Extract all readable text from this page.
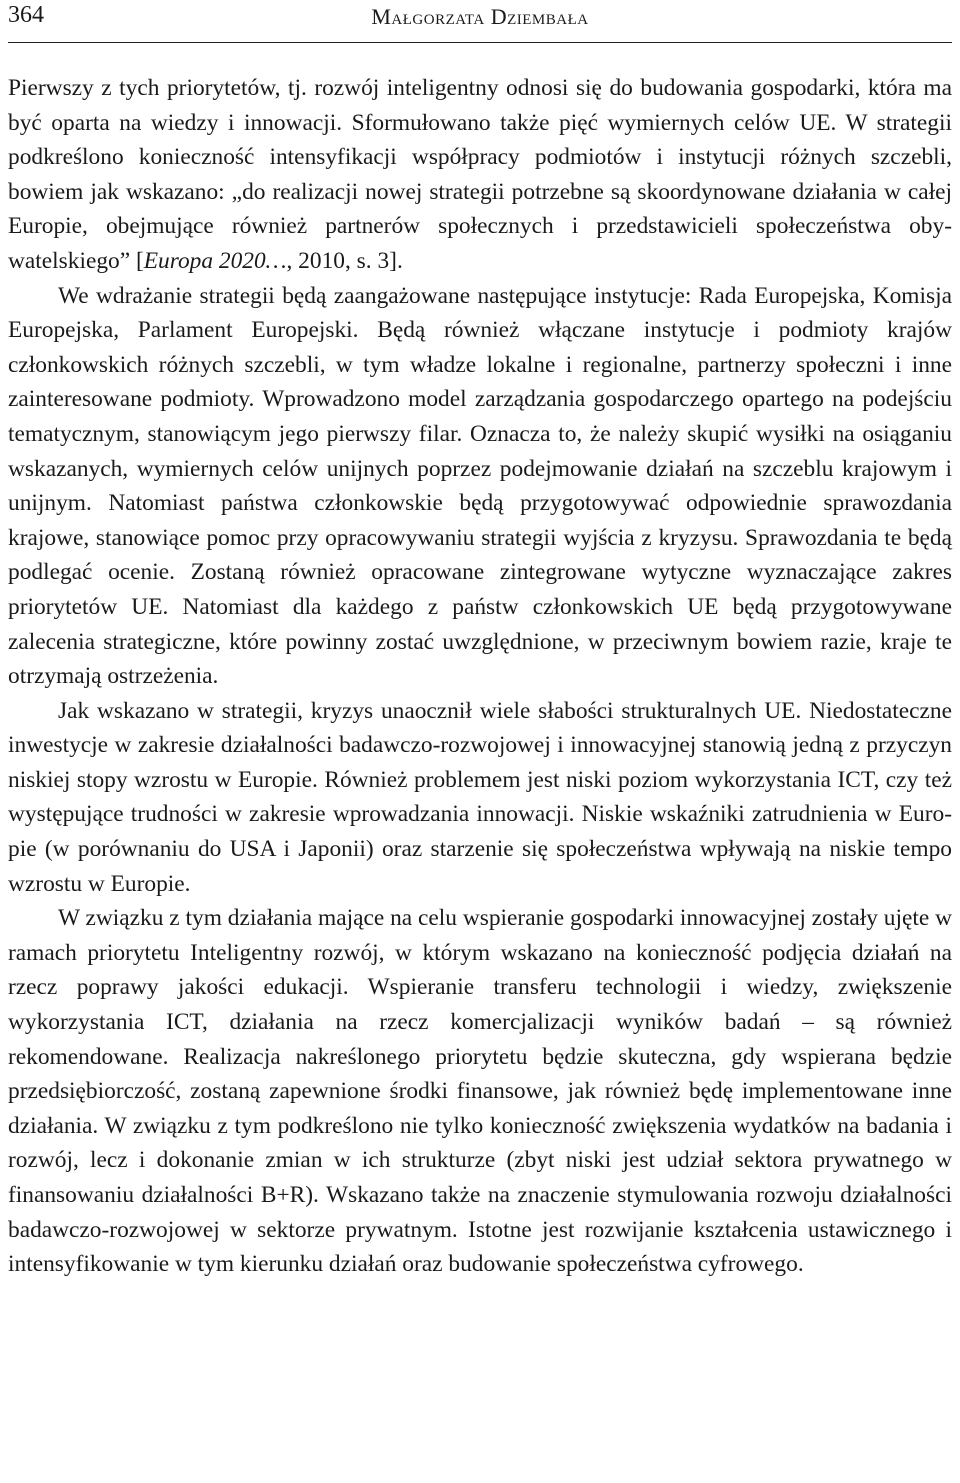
364	Małgorzata Dziembała

Pierwszy z tych priorytetów, tj. rozwój inteligentny odnosi się do budowania gospodarki, która ma być oparta na wiedzy i innowacji. Sformułowano także pięć wymiernych celów UE. W strategii podkreślono konieczność intensyfikacji współpracy podmiotów i instytucji różnych szczebli, bowiem jak wskazano: „do realizacji nowej strategii potrzebne są skoordynowane działania w całej Europie, obejmujące również partnerów społecznych i przedstawicieli społeczeństwa obywatelskiego” [Europa 2020…, 2010, s. 3].

We wdrażanie strategii będą zaangażowane następujące instytucje: Rada Europejska, Komisja Europejska, Parlament Europejski. Będą również włączane instytucje i podmioty krajów członkowskich różnych szczebli, w tym władze lokalne i regionalne, partnerzy społeczni i inne zainteresowane podmioty. Wprowadzono model zarządzania gospodarczego opartego na podejściu tematycznym, stanowiącym jego pierwszy filar. Oznacza to, że należy skupić wysiłki na osiąganiu wskazanych, wymiernych celów unijnych poprzez podejmowanie działań na szczeblu krajowym i unijnym. Natomiast państwa członkowskie będą przygotowywać odpowiednie sprawozdania krajowe, stanowiące pomoc przy opracowywaniu strategii wyjścia z kryzysu. Sprawozdania te będą podlegać ocenie. Zostaną również opracowane zintegrowane wytyczne wyznaczające zakres priorytetów UE. Natomiast dla każdego z państw członkowskich UE będą przygotowywane zalecenia strategiczne, które powinny zostać uwzględnione, w przeciwnym bowiem razie, kraje te otrzymają ostrzeżenia.

Jak wskazano w strategii, kryzys unaocznił wiele słabości strukturalnych UE. Niedostateczne inwestycje w zakresie działalności badawczo-rozwojowej i innowacyjnej stanowią jedną z przyczyn niskiej stopy wzrostu w Europie. Również problemem jest niski poziom wykorzystania ICT, czy też występujące trudności w zakresie wprowadzania innowacji. Niskie wskaźniki zatrudnienia w Europie (w porównaniu do USA i Japonii) oraz starzenie się społeczeństwa wpływają na niskie tempo wzrostu w Europie.

W związku z tym działania mające na celu wspieranie gospodarki innowacyjnej zostały ujęte w ramach priorytetu Inteligentny rozwój, w którym wskazano na konieczność podjęcia działań na rzecz poprawy jakości edukacji. Wspieranie transferu technologii i wiedzy, zwiększenie wykorzystania ICT, działania na rzecz komercjalizacji wyników badań – są również rekomendowane. Realizacja nakreślonego priorytetu będzie skuteczna, gdy wspierana będzie przedsiębiorczość, zostaną zapewnione środki finansowe, jak również będę implementowane inne działania. W związku z tym podkreślono nie tylko konieczność zwiększenia wydatków na badania i rozwój, lecz i dokonanie zmian w ich strukturze (zbyt niski jest udział sektora prywatnego w finansowaniu działalności B+R). Wskazano także na znaczenie stymulowania rozwoju działalności badawczo-rozwojowej w sektorze prywatnym. Istotne jest rozwijanie kształcenia ustawicznego i intensyfikowanie w tym kierunku działań oraz budowanie społeczeństwa cyfrowego.
